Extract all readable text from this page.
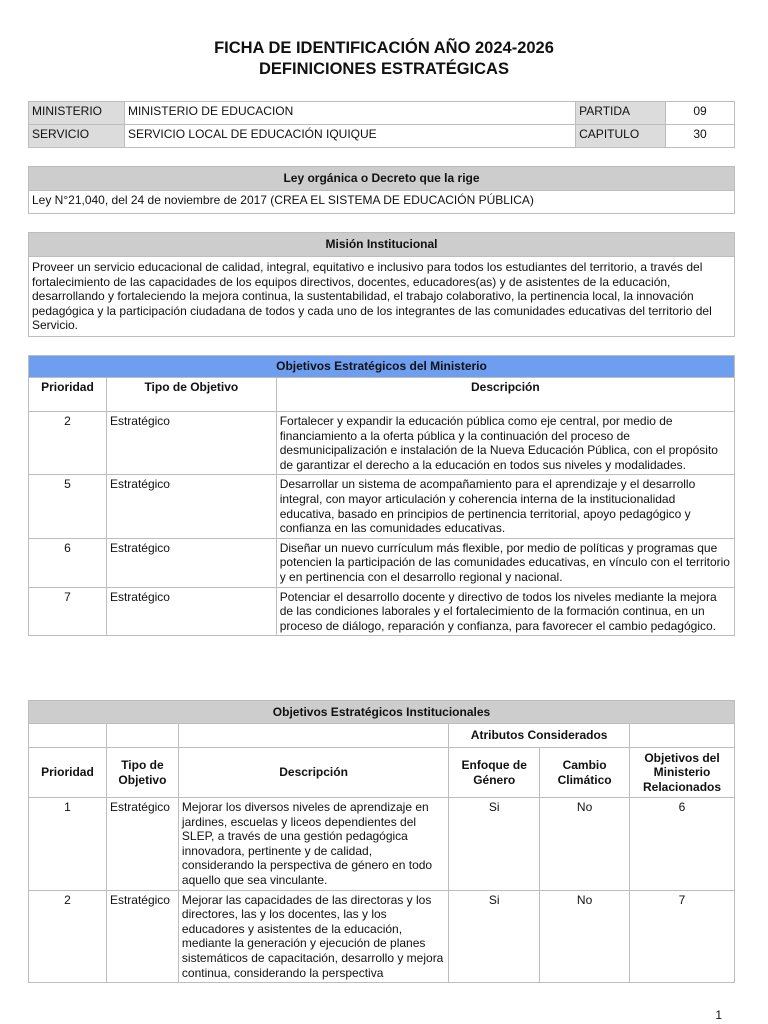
FICHA DE IDENTIFICACIÓN AÑO 2024-2026
DEFINICIONES ESTRATÉGICAS
MINISTERIO	MINISTERIO DE EDUCACION	PARTIDA	09
SERVICIO	SERVICIO LOCAL DE EDUCACIÓN IQUIQUE	CAPITULO	30
Ley orgánica o Decreto que la rige
Ley N°21,040, del 24 de noviembre de 2017 (CREA EL SISTEMA DE EDUCACIÓN PÚBLICA)
Misión Institucional
Proveer un servicio educacional de calidad, integral, equitativo e inclusivo para todos los estudiantes del territorio, a través del fortalecimiento de las capacidades de los equipos directivos, docentes, educadores(as) y de asistentes de la educación, desarrollando y fortaleciendo la mejora continua, la sustentabilidad, el trabajo colaborativo, la pertinencia local, la innovación pedagógica y la participación ciudadana de todos y cada uno de los integrantes de las comunidades educativas del territorio del Servicio.
Objetivos Estratégicos del Ministerio		
Prioridad	Tipo de Objetivo	Descripción
2	Estratégico	Fortalecer y expandir la educación pública como eje central, por medio de financiamiento a la oferta pública y la continuación del proceso de desmunicipalización e instalación de la Nueva Educación Pública, con el propósito de garantizar el derecho a la educación en todos sus niveles y modalidades.
5	Estratégico	Desarrollar un sistema de acompañamiento para el aprendizaje y el desarrollo integral, con mayor articulación y coherencia interna de la institucionalidad educativa, basado en principios de pertinencia territorial, apoyo pedagógico y confianza en las comunidades educativas.
6	Estratégico	Diseñar un nuevo currículum más flexible, por medio de políticas y programas que potencien la participación de las comunidades educativas, en vínculo con el territorio y en pertinencia con el desarrollo regional y nacional.
7	Estratégico	Potenciar el desarrollo docente y directivo de todos los niveles mediante la mejora de las condiciones laborales y el fortalecimiento de la formación continua, en un proceso de diálogo, reparación y confianza, para favorecer el cambio pedagógico.
Objetivos Estratégicos Institucionales					
			Atributos Considerados		
Prioridad	Tipo de Objetivo	Descripción	Enfoque de Género	Cambio Climático	Objetivos del Ministerio Relacionados
1	Estratégico	Mejorar los diversos niveles de aprendizaje en jardines, escuelas y liceos dependientes del SLEP, a través de una gestión pedagógica innovadora, pertinente y de calidad, considerando la perspectiva de género en todo aquello que sea vinculante.	Si	No	6
2	Estratégico	Mejorar las capacidades de las directoras y los directores, las y los docentes, las y los educadores y asistentes de la educación, mediante la generación y ejecución de planes sistemáticos de capacitación, desarrollo y mejora continua, considerando la perspectiva	Si	No	7
1
